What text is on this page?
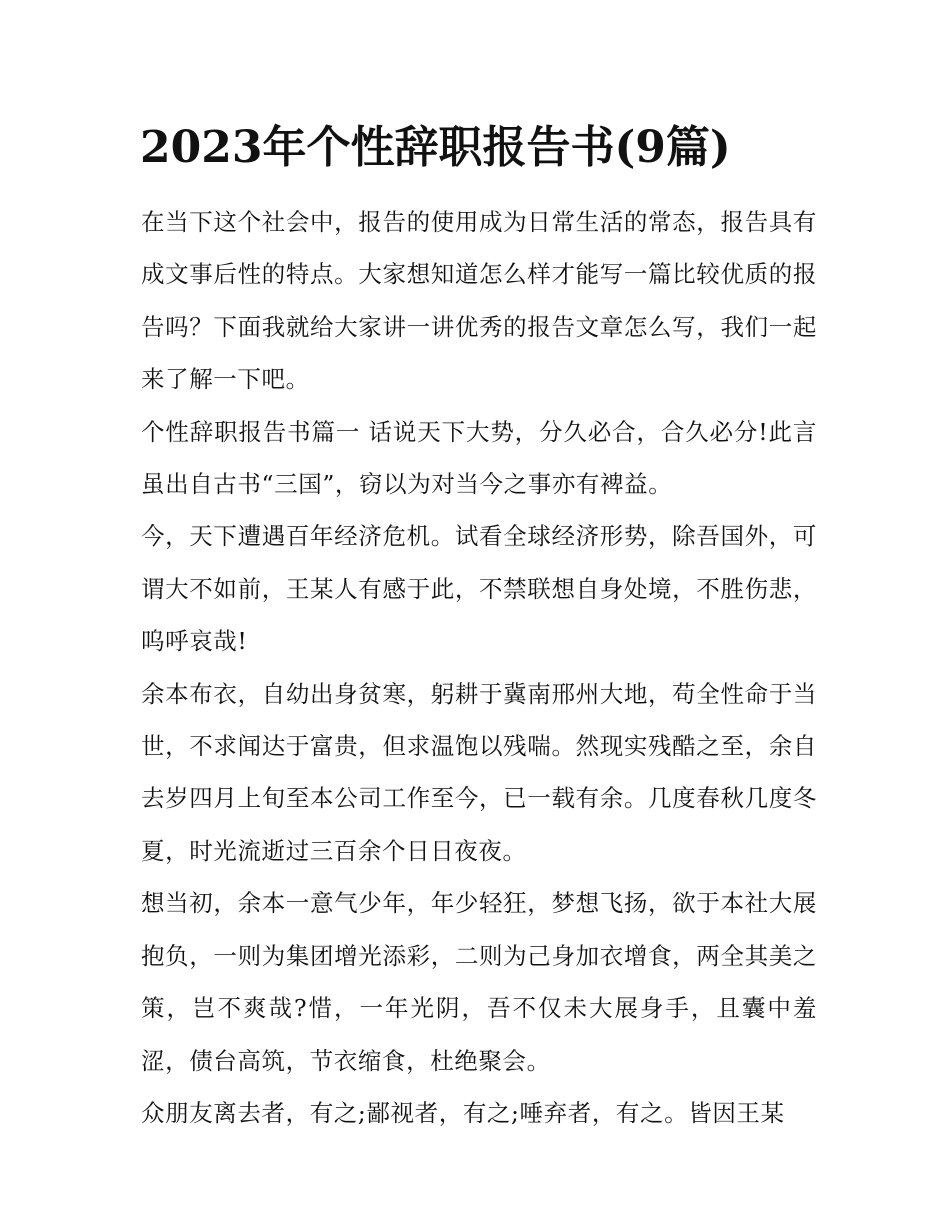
2023年个性辞职报告书(9篇)

在当下这个社会中，报告的使用成为日常生活的常态，报告具有成文事后性的特点。大家想知道怎么样才能写一篇比较优质的报告吗？下面我就给大家讲一讲优秀的报告文章怎么写，我们一起来了解一下吧。

个性辞职报告书篇一 话说天下大势，分久必合，合久必分!此言虽出自古书“三国”，窃以为对当今之事亦有裨益。

今，天下遭遇百年经济危机。试看全球经济形势，除吾国外，可谓大不如前，王某人有感于此，不禁联想自身处境，不胜伤悲，呜呼哀哉!

余本布衣，自幼出身贫寒，躬耕于冀南邢州大地，苟全性命于当世，不求闻达于富贵，但求温饱以残喘。然现实残酷之至，余自去岁四月上旬至本公司工作至今，已一载有余。几度春秋几度冬夏，时光流逝过三百余个日日夜夜。

想当初，余本一意气少年，年少轻狂，梦想飞扬，欲于本社大展抱负，一则为集团增光添彩，二则为己身加衣增食，两全其美之策，岂不爽哉?惜，一年光阴，吾不仅未大展身手，且囊中羞涩，债台高筑，节衣缩食，杜绝聚会。

众朋友离去者，有之;鄙视者，有之;唾弃者，有之。皆因王某
